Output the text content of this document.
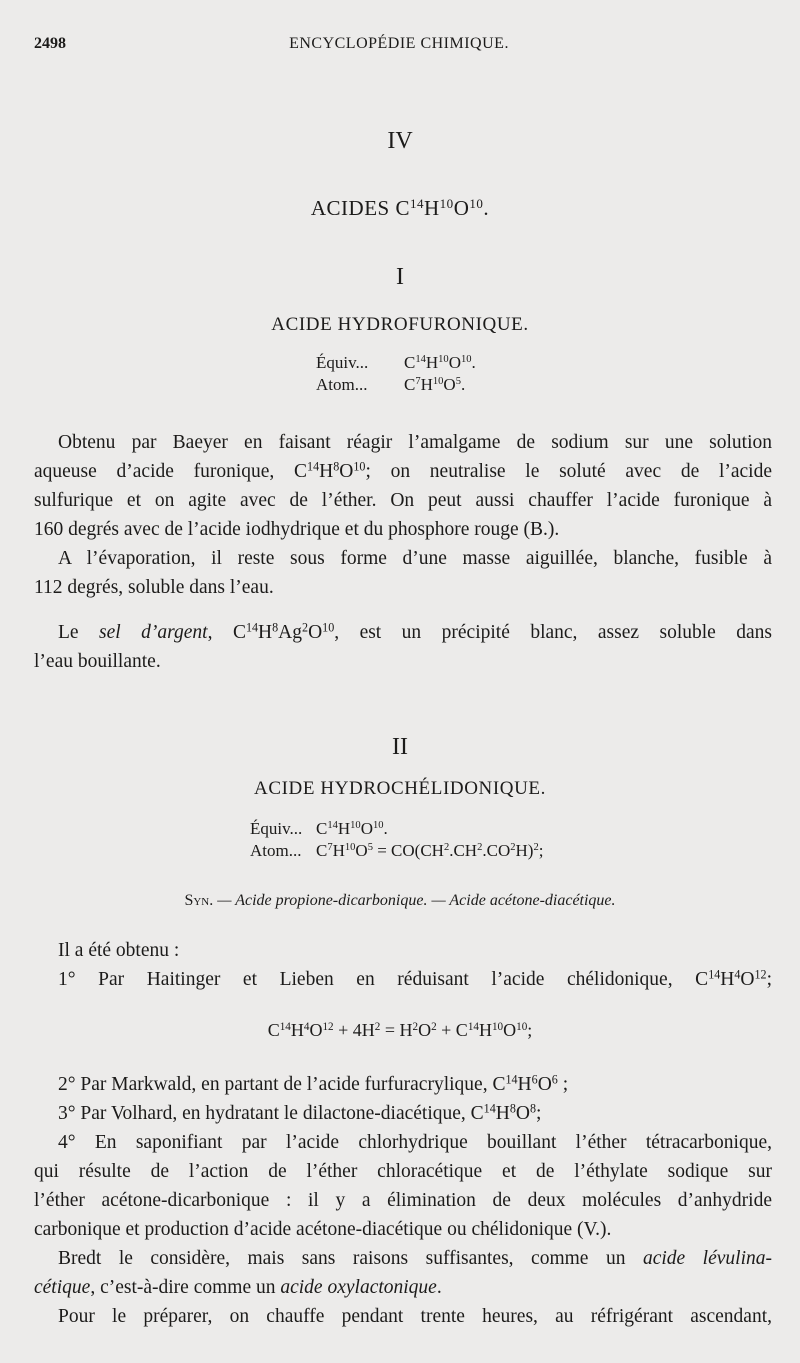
2498	ENCYCLOPÉDIE CHIMIQUE.
IV
ACIDES $C^{14}H^{10}O^{10}$.
I
ACIDE HYDROFURONIQUE.
Équiv... $C^{14}H^{10}O^{10}$.
Atom... $C^7H^{10}O^5$.
Obtenu par Baeyer en faisant réagir l’amalgame de sodium sur une solution
aqueuse d’acide furonique, $C^{14}H^8O^{10}$; on neutralise le soluté avec de l’acide
sulfurique et on agite avec de l’éther. On peut aussi chauffer l’acide furonique à
160 degrés avec de l’acide iodhydrique et du phosphore rouge (B.).
A l’évaporation, il reste sous forme d’une masse aiguillée, blanche, fusible à
112 degrés, soluble dans l’eau.
Le sel d’argent, $C^{14}H^8Ag^2O^{10}$, est un précipité blanc, assez soluble dans
l’eau bouillante.
II
ACIDE HYDROCHÉLIDONIQUE.
Équiv... $C^{14}H^{10}O^{10}$.
Atom... $C^7H^{10}O^5 = CO(CH^2.CH^2.CO^2H)^2$;
Syn. — Acide propione-dicarbonique. — Acide acétone-diacétique.
Il a été obtenu :
1° Par Haitinger et Lieben en réduisant l’acide chélidonique, $C^{14}H^4O^{12}$;
$C^{14}H^4O^{12} + 4H^2 = H^2O^2 + C^{14}H^{10}O^{10}$;
2° Par Markwald, en partant de l’acide furfuracrylique, $C^{14}H^6O^6$ ;
3° Par Volhard, en hydratant le dilactone-diacétique, $C^{14}H^8O^8$;
4° En saponifiant par l’acide chlorhydrique bouillant l’éther tétracarbonique,
qui résulte de l’action de l’éther chloracétique et de l’éthylate sodique sur
l’éther acétone-dicarbonique : il y a élimination de deux molécules d’anhydride
carbonique et production d’acide acétone-diacétique ou chélidonique (V.).
Bredt le considère, mais sans raisons suffisantes, comme un acide lévulina-
cétique, c’est-à-dire comme un acide oxylactonique.
Pour le préparer, on chauffe pendant trente heures, au réfrigérant ascendant,
